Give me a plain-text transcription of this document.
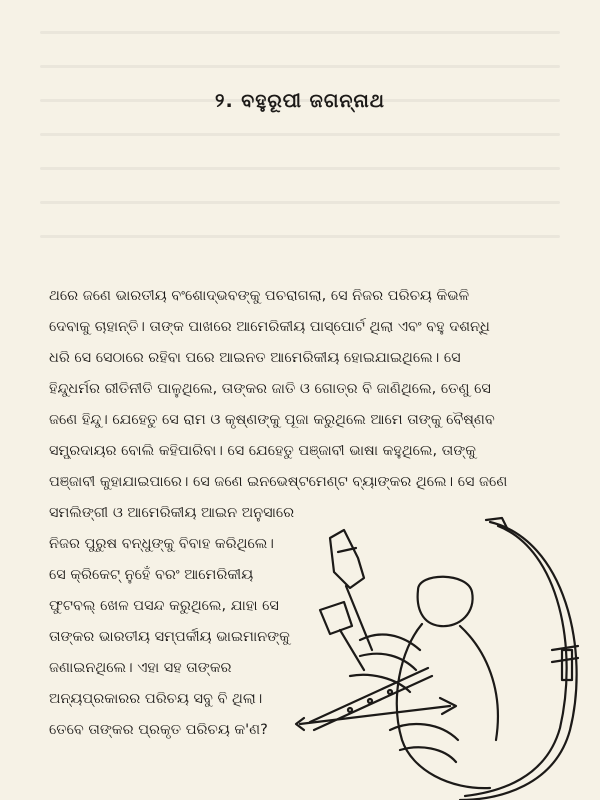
୨. ବହୁରୂପୀ ଜଗନ୍ନାଥ
ଥରେ ଜଣେ ଭାରତୀୟ ବଂଶୋଦ୍ଭବଙ୍କୁ ପଚରାଗଲା, ସେ ନିଜର ପରିଚୟ କିଭଳି
ଦେବାକୁ ଚାହାନ୍ତି। ତାଙ୍କ ପାଖରେ ଆମେରିକୀୟ ପାସ୍‌ପୋର୍ଟ ଥିଲା ଏବଂ ବହୁ ଦଶନ୍ଧି
ଧରି ସେ ସେଠାରେ ରହିବା ପରେ ଆଇନତ ଆମେରିକୀୟ ହୋଇଯାଇଥିଲେ। ସେ
ହିନ୍ଦୁଧର୍ମର ରୀତିନୀତି ପାଳୁଥିଲେ, ତାଙ୍କର ଜାତି ଓ ଗୋତ୍ର ବି ଜାଣିଥିଲେ, ତେଣୁ ସେ
ଜଣେ ହିନ୍ଦୁ। ଯେହେତୁ ସେ ରାମ ଓ କୃଷ୍ଣଙ୍କୁ ପୂଜା କରୁଥିଲେ ଆମେ ତାଙ୍କୁ ବୈଷ୍ଣବ
ସମ୍ପ୍ରଦାୟର ବୋଲି କହିପାରିବା। ସେ ଯେହେତୁ ପଞ୍ଜାବୀ ଭାଷା କହୁଥିଲେ, ତାଙ୍କୁ
ପଞ୍ଜାବୀ କୁହାଯାଇପାରେ। ସେ ଜଣେ ଇନଭେଷ୍ଟମେଣ୍ଟ ବ୍ୟାଙ୍କର ଥିଲେ। ସେ ଜଣେ
ସମଲିଙ୍ଗୀ ଓ ଆମେରିକୀୟ ଆଇନ ଅନୁସାରେ
ନିଜର ପୁରୁଷ ବନ୍ଧୁଙ୍କୁ ବିବାହ କରିଥିଲେ।
ସେ କ୍ରିକେଟ୍ ନୁହେଁ ବରଂ ଆମେରିକୀୟ
ଫୁଟବଲ୍ ଖେଳ ପସନ୍ଦ କରୁଥିଲେ, ଯାହା ସେ
ତାଙ୍କର ଭାରତୀୟ ସମ୍ପର୍କୀୟ ଭାଇମାନଙ୍କୁ
ଜଣାଇନଥିଲେ। ଏହା ସହ ତାଙ୍କର
ଅନ୍ୟପ୍ରକାରର ପରିଚୟ ସବୁ ବି ଥିଲା।
ତେବେ ତାଙ୍କର ପ୍ରକୃତ ପରିଚୟ କ'ଣ?
